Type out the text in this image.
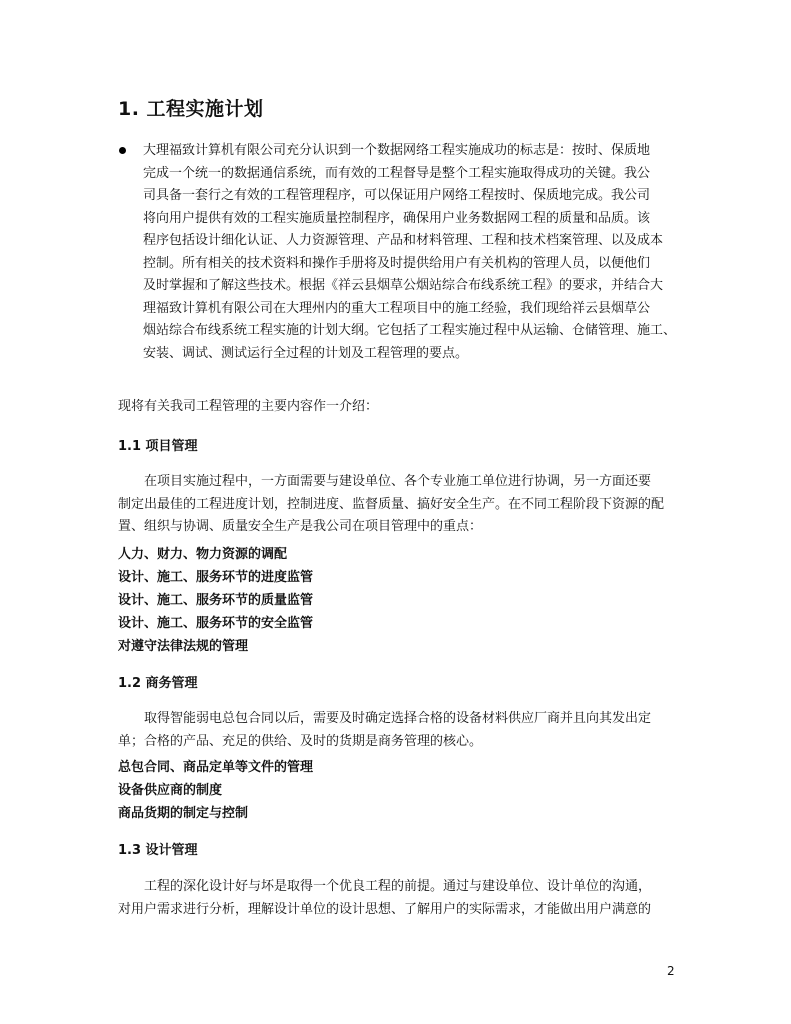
1. 工程实施计划
大理福致计算机有限公司充分认识到一个数据网络工程实施成功的标志是：按时、保质地
完成一个统一的数据通信系统，而有效的工程督导是整个工程实施取得成功的关键。我公
司具备一套行之有效的工程管理程序，可以保证用户网络工程按时、保质地完成。我公司
将向用户提供有效的工程实施质量控制程序，确保用户业务数据网工程的质量和品质。该
程序包括设计细化认证、人力资源管理、产品和材料管理、工程和技术档案管理、以及成本
控制。所有相关的技术资料和操作手册将及时提供给用户有关机构的管理人员，以便他们
及时掌握和了解这些技术。根据《祥云县烟草公烟站综合布线系统工程》的要求，并结合大
理福致计算机有限公司在大理州内的重大工程项目中的施工经验，我们现给祥云县烟草公
烟站综合布线系统工程实施的计划大纲。它包括了工程实施过程中从运输、仓储管理、施工、
安装、调试、测试运行全过程的计划及工程管理的要点。
现将有关我司工程管理的主要内容作一介绍：
1.1 项目管理
在项目实施过程中，一方面需要与建设单位、各个专业施工单位进行协调，另一方面还要
制定出最佳的工程进度计划，控制进度、监督质量、搞好安全生产。在不同工程阶段下资源的配
置、组织与协调、质量安全生产是我公司在项目管理中的重点：
人力、财力、物力资源的调配
设计、施工、服务环节的进度监管
设计、施工、服务环节的质量监管
设计、施工、服务环节的安全监管
对遵守法律法规的管理
1.2 商务管理
取得智能弱电总包合同以后，需要及时确定选择合格的设备材料供应厂商并且向其发出定
单；合格的产品、充足的供给、及时的货期是商务管理的核心。
总包合同、商品定单等文件的管理
设备供应商的制度
商品货期的制定与控制
1.3 设计管理
工程的深化设计好与坏是取得一个优良工程的前提。通过与建设单位、设计单位的沟通，
对用户需求进行分析，理解设计单位的设计思想、了解用户的实际需求，才能做出用户满意的
2
